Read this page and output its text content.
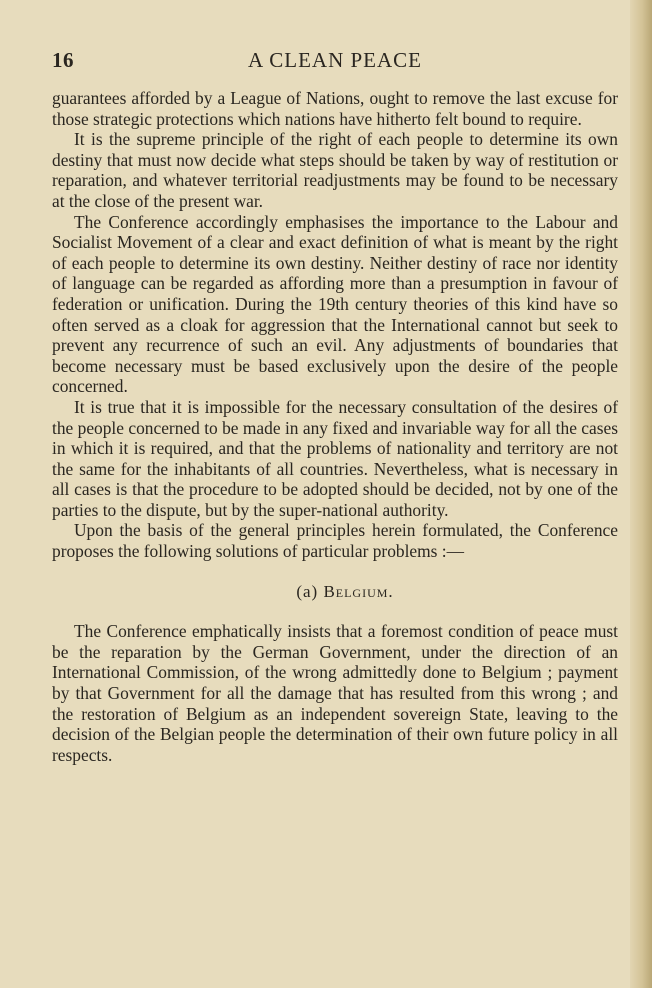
16	A CLEAN PEACE

guarantees afforded by a League of Nations, ought to remove the last excuse for those strategic protections which nations have hitherto felt bound to require.

It is the supreme principle of the right of each people to determine its own destiny that must now decide what steps should be taken by way of restitution or reparation, and whatever territorial readjustments may be found to be necessary at the close of the present war.

The Conference accordingly emphasises the importance to the Labour and Socialist Movement of a clear and exact definition of what is meant by the right of each people to determine its own destiny. Neither destiny of race nor identity of language can be regarded as affording more than a presumption in favour of federation or unification. During the 19th century theories of this kind have so often served as a cloak for aggression that the International cannot but seek to prevent any recurrence of such an evil. Any adjustments of boundaries that become necessary must be based exclusively upon the desire of the people concerned.

It is true that it is impossible for the necessary consultation of the desires of the people concerned to be made in any fixed and invariable way for all the cases in which it is required, and that the problems of nationality and territory are not the same for the inhabitants of all countries. Nevertheless, what is necessary in all cases is that the procedure to be adopted should be decided, not by one of the parties to the dispute, but by the super-national authority.

Upon the basis of the general principles herein formulated, the Conference proposes the following solutions of particular problems :—

(a) Belgium.

The Conference emphatically insists that a foremost condition of peace must be the reparation by the German Government, under the direction of an International Commission, of the wrong admittedly done to Belgium ; payment by that Government for all the damage that has resulted from this wrong ; and the restoration of Belgium as an independent sovereign State, leaving to the decision of the Belgian people the determination of their own future policy in all respects.
